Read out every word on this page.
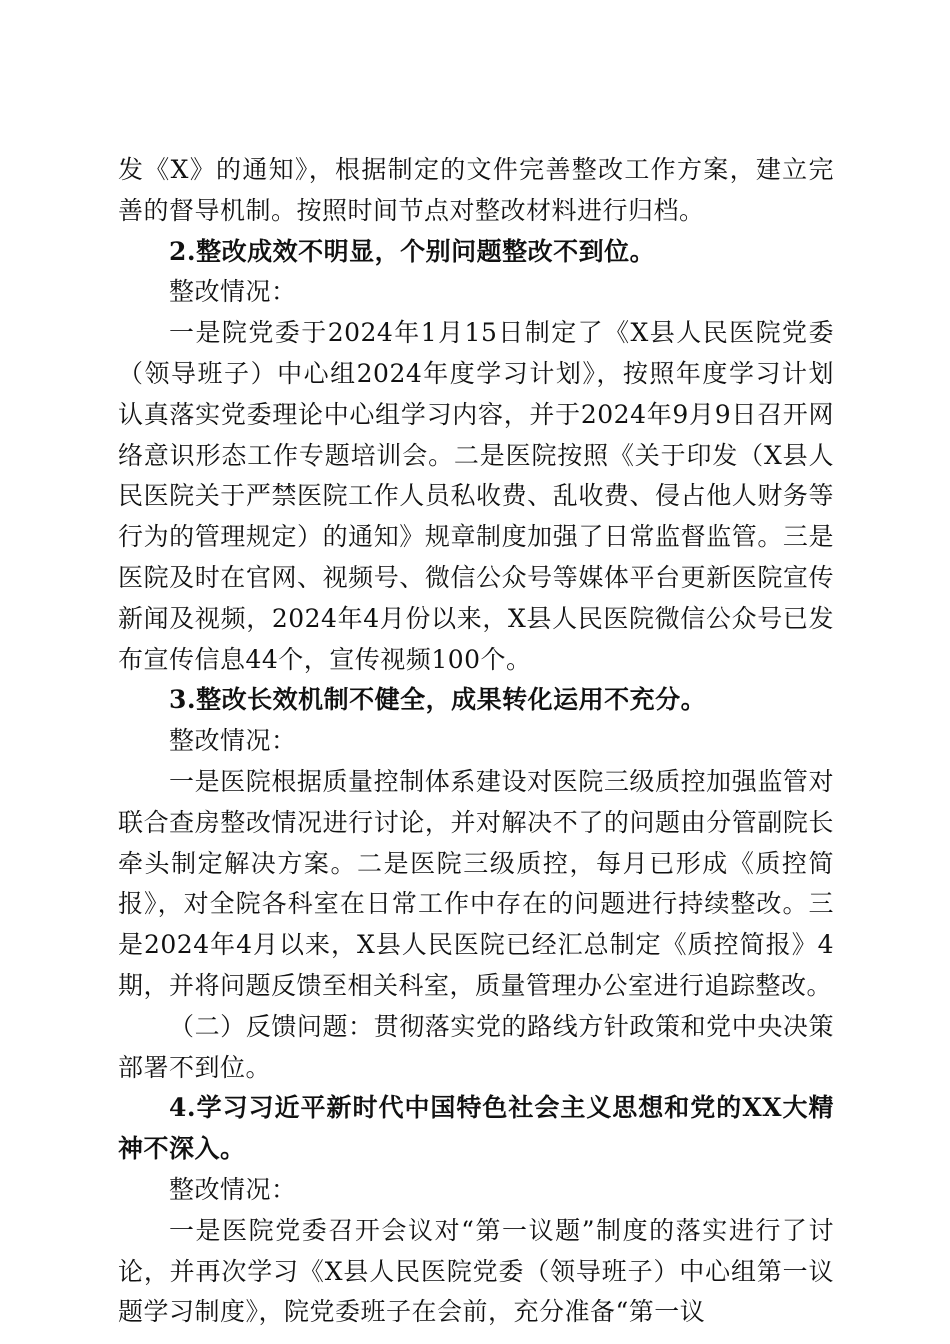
发《X》的通知》，根据制定的文件完善整改工作方案，建立完善的督导机制。按照时间节点对整改材料进行归档。

2.整改成效不明显，个别问题整改不到位。

整改情况：

一是院党委于2024年1月15日制定了《X县人民医院党委（领导班子）中心组2024年度学习计划》，按照年度学习计划认真落实党委理论中心组学习内容，并于2024年9月9日召开网络意识形态工作专题培训会。二是医院按照《关于印发（X县人民医院关于严禁医院工作人员私收费、乱收费、侵占他人财务等行为的管理规定）的通知》规章制度加强了日常监督监管。三是医院及时在官网、视频号、微信公众号等媒体平台更新医院宣传新闻及视频，2024年4月份以来，X县人民医院微信公众号已发布宣传信息44个，宣传视频100个。

3.整改长效机制不健全，成果转化运用不充分。

整改情况：

一是医院根据质量控制体系建设对医院三级质控加强监管对联合查房整改情况进行讨论，并对解决不了的问题由分管副院长牵头制定解决方案。二是医院三级质控，每月已形成《质控简报》，对全院各科室在日常工作中存在的问题进行持续整改。三是2024年4月以来，X县人民医院已经汇总制定《质控简报》4期，并将问题反馈至相关科室，质量管理办公室进行追踪整改。

（二）反馈问题：贯彻落实党的路线方针政策和党中央决策部署不到位。

4.学习习近平新时代中国特色社会主义思想和党的XX大精神不深入。

整改情况：

一是医院党委召开会议对“第一议题”制度的落实进行了讨论，并再次学习《X县人民医院党委（领导班子）中心组第一议题学习制度》，院党委班子在会前，充分准备“第一议
